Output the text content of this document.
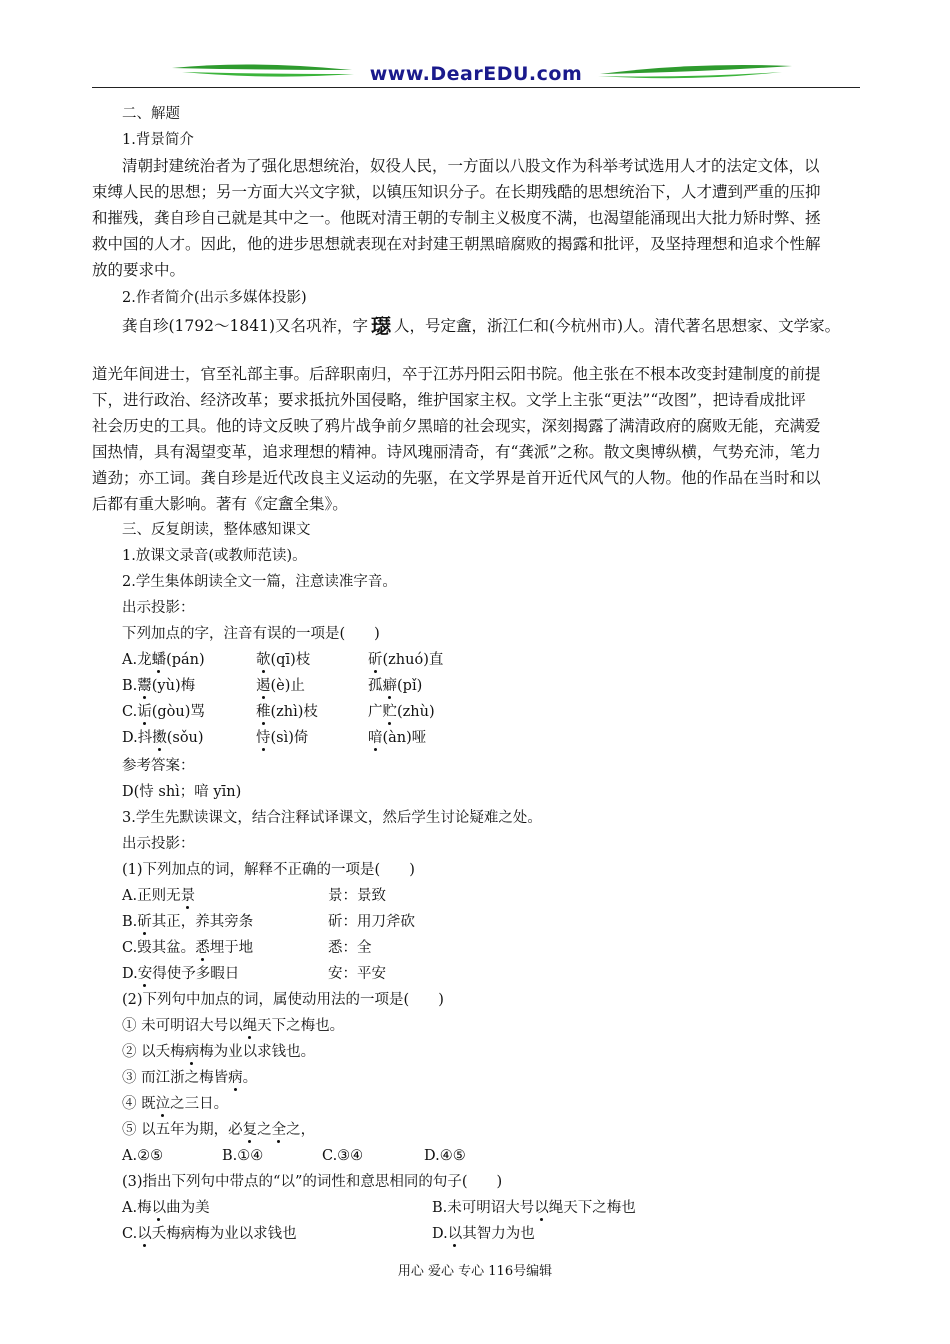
www.DearEDU.com
二、解题
1.背景简介
清朝封建统治者为了强化思想统治，奴役人民，一方面以八股文作为科举考试选用人才的法定文体，以
束缚人民的思想；另一方面大兴文字狱，以镇压知识分子。在长期残酷的思想统治下，人才遭到严重的压抑
和摧残，龚自珍自己就是其中之一。他既对清王朝的专制主义极度不满，也渴望能涌现出大批力矫时弊、拯
救中国的人才。因此，他的进步思想就表现在对封建王朝黑暗腐败的揭露和批评，及坚持理想和追求个性解
放的要求中。
2.作者简介(出示多媒体投影)
龚自珍(1792～1841)又名巩祚，字 璱 人，号定盦，浙江仁和(今杭州市)人。清代著名思想家、文学家。
道光年间进士，官至礼部主事。后辞职南归，卒于江苏丹阳云阳书院。他主张在不根本改变封建制度的前提
下，进行政治、经济改革；要求抵抗外国侵略，维护国家主权。文学上主张“更法”“改图”，把诗看成批评
社会历史的工具。他的诗文反映了鸦片战争前夕黑暗的社会现实，深刻揭露了满清政府的腐败无能，充满爱
国热情，具有渴望变革，追求理想的精神。诗风瑰丽清奇，有“龚派”之称。散文奥博纵横，气势充沛，笔力
遒劲；亦工词。龚自珍是近代改良主义运动的先驱，在文学界是首开近代风气的人物。他的作品在当时和以
后都有重大影响。著有《定盦全集》。
三、反复朗读，整体感知课文
1.放课文录音(或教师范读)。
2.学生集体朗读全文一篇，注意读准字音。
出示投影：
下列加点的字，注音有误的一项是(　　)
A.龙蟠(pán)	欹(qī)枝	斫(zhuó)直
B.鬻(yù)梅	遏(è)止	孤癖(pǐ)
C.诟(gòu)骂	稚(zhì)枝	广贮(zhù)
D.抖擞(sǒu)	恃(sì)倚	喑(àn)哑
参考答案：
D(恃 shì；喑 yīn)
3.学生先默读课文，结合注释试译课文，然后学生讨论疑难之处。
出示投影：
(1)下列加点的词，解释不正确的一项是(　　)
A.正则无景	景：景致
B.斫其正，养其旁条	斫：用刀斧砍
C.毁其盆。悉埋于地	悉：全
D.安得使予多暇日	安：平安
(2)下列句中加点的词，属使动用法的一项是(　　)
① 未可明诏大号以绳天下之梅也。
② 以夭梅病梅为业以求钱也。
③ 而江浙之梅皆病。
④ 既泣之三日。
⑤ 以五年为期，必复之全之，
A.②⑤	B.①④	C.③④	D.④⑤
(3)指出下列句中带点的“以”的词性和意思相同的句子(　　)
A.梅以曲为美	B.未可明诏大号以绳天下之梅也
C.以夭梅病梅为业以求钱也	D.以其智力为也
用心 爱心 专心 116号编辑
